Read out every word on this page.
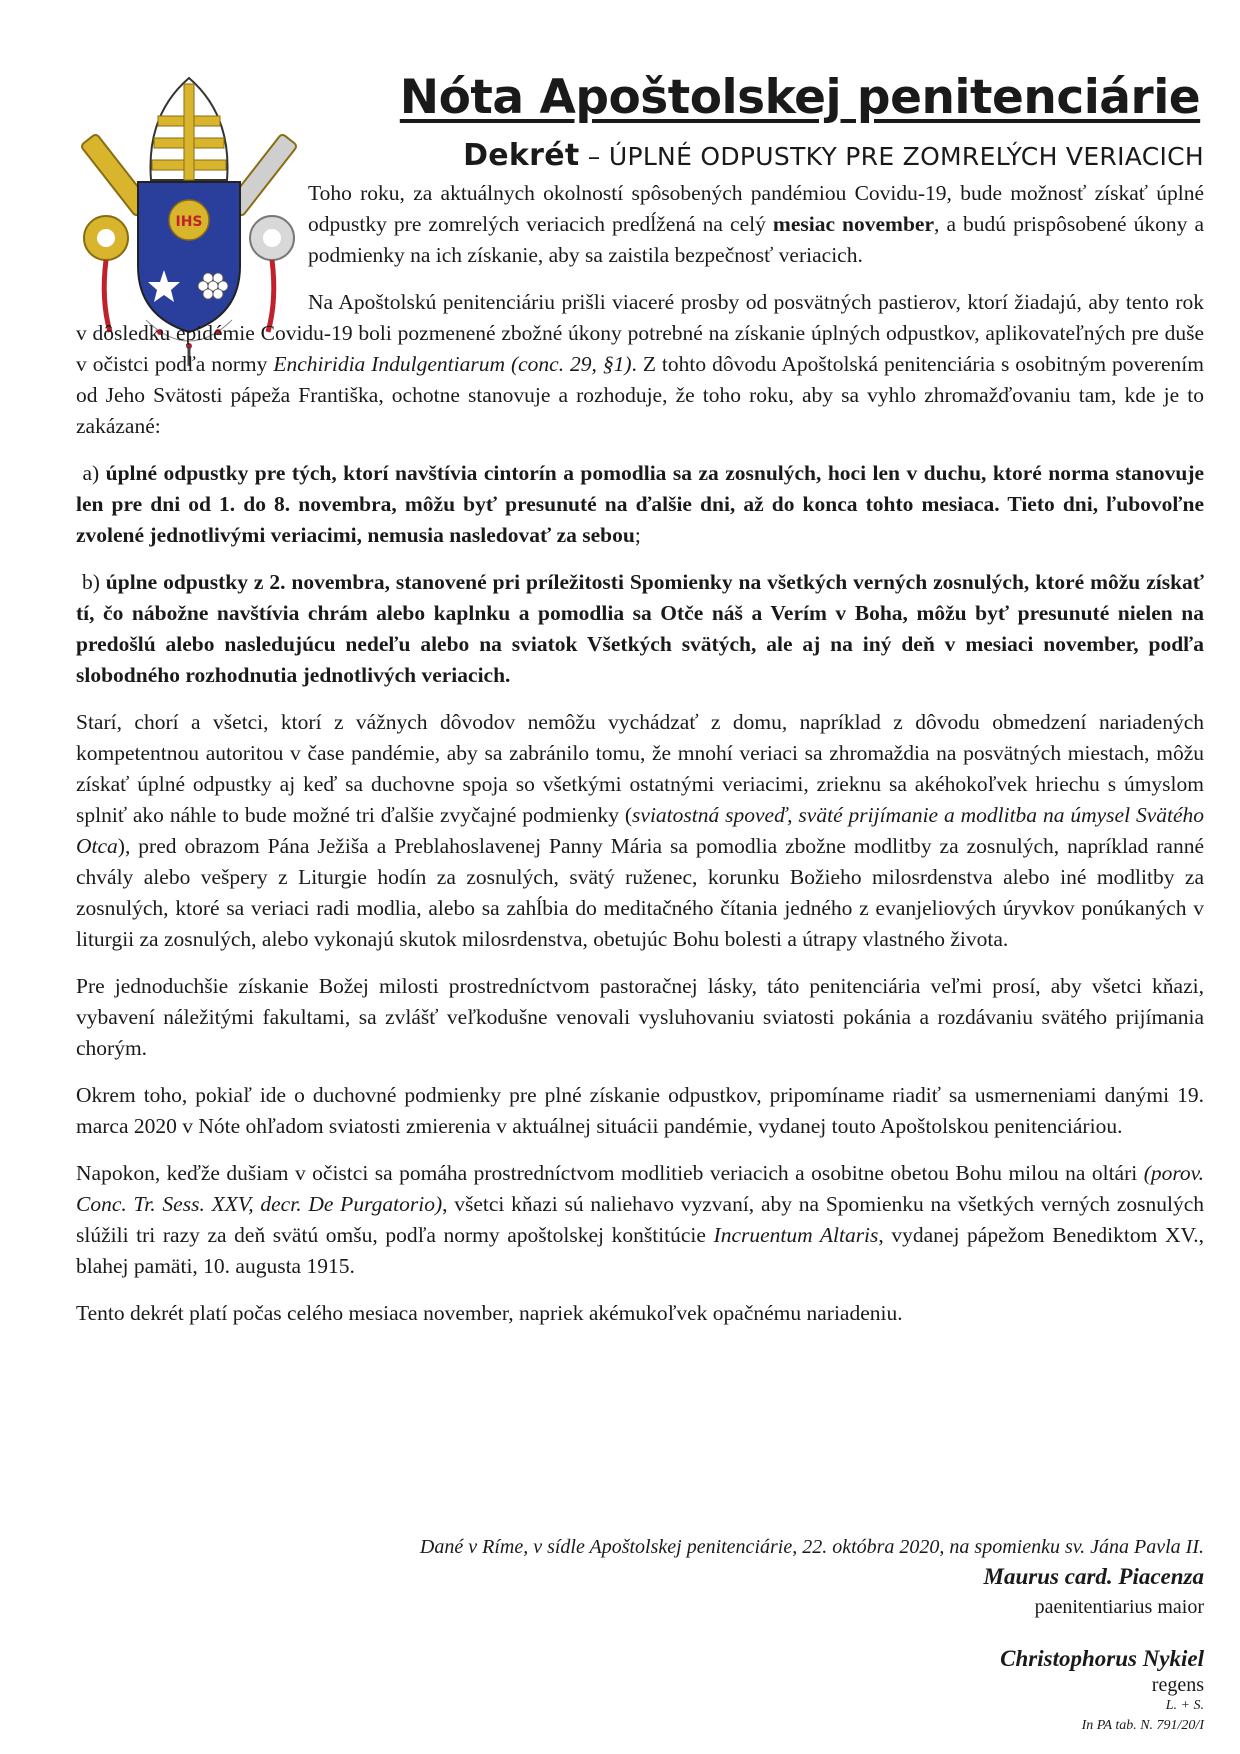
IHS
Nóta Apoštolskej penitenciárie
Dekrét – ÚPLNÉ ODPUSTKY PRE ZOMRELÝCH VERIACICH

Toho roku, za aktuálnych okolností spôsobených pandémiou Covidu-19, bude možnosť získať úplné odpustky pre zomrelých veriacich predĺžená na celý mesiac november, a budú prispôsobené úkony a podmienky na ich získanie, aby sa zaistila bezpečnosť veriacich.

Na Apoštolskú penitenciáriu prišli viaceré prosby od posvätných pastierov, ktorí žiadajú, aby tento rok v dôsledku epidémie Covidu-19 boli pozmenené zbožné úkony potrebné na získanie úplných odpustkov, aplikovateľných pre duše v očistci podľa normy Enchiridia Indulgentiarum (conc. 29, §1). Z tohto dôvodu Apoštolská penitenciária s osobitným poverením od Jeho Svätosti pápeža Františka, ochotne stanovuje a rozhoduje, že toho roku, aby sa vyhlo zhromažďovaniu tam, kde je to zakázané:

a) úplné odpustky pre tých, ktorí navštívia cintorín a pomodlia sa za zosnulých, hoci len v duchu, ktoré norma stanovuje len pre dni od 1. do 8. novembra, môžu byť presunuté na ďalšie dni, až do konca tohto mesiaca. Tieto dni, ľubovoľne zvolené jednotlivými veriacimi, nemusia nasledovať za sebou;

b) úplne odpustky z 2. novembra, stanovené pri príležitosti Spomienky na všetkých verných zosnulých, ktoré môžu získať tí, čo nábožne navštívia chrám alebo kaplnku a pomodlia sa Otče náš a Verím v Boha, môžu byť presunuté nielen na predošlú alebo nasledujúcu nedeľu alebo na sviatok Všetkých svätých, ale aj na iný deň v mesiaci november, podľa slobodného rozhodnutia jednotlivých veriacich.

Starí, chorí a všetci, ktorí z vážnych dôvodov nemôžu vychádzať z domu, napríklad z dôvodu obmedzení nariadených kompetentnou autoritou v čase pandémie, aby sa zabránilo tomu, že mnohí veriaci sa zhromaždia na posvätných miestach, môžu získať úplné odpustky aj keď sa duchovne spoja so všetkými ostatnými veriacimi, zrieknu sa akéhokoľvek hriechu s úmyslom splniť ako náhle to bude možné tri ďalšie zvyčajné podmienky (sviatostná spoveď, sväté prijímanie a modlitba na úmysel Svätého Otca), pred obrazom Pána Ježiša a Preblahoslavenej Panny Mária sa pomodlia zbožne modlitby za zosnulých, napríklad ranné chvály alebo vešpery z Liturgie hodín za zosnulých, svätý ruženec, korunku Božieho milosrdenstva alebo iné modlitby za zosnulých, ktoré sa veriaci radi modlia, alebo sa zahĺbia do meditačného čítania jedného z evanjeliových úryvkov ponúkaných v liturgii za zosnulých, alebo vykonajú skutok milosrdenstva, obetujúc Bohu bolesti a útrapy vlastného života.

Pre jednoduchšie získanie Božej milosti prostredníctvom pastoračnej lásky, táto penitenciária veľmi prosí, aby všetci kňazi, vybavení náležitými fakultami, sa zvlášť veľkodušne venovali vysluhovaniu sviatosti pokánia a rozdávaniu svätého prijímania chorým.

Okrem toho, pokiaľ ide o duchovné podmienky pre plné získanie odpustkov, pripomíname riadiť sa usmerneniami danými 19. marca 2020 v Nóte ohľadom sviatosti zmierenia v aktuálnej situácii pandémie, vydanej touto Apoštolskou penitenciáriou.

Napokon, keďže dušiam v očistci sa pomáha prostredníctvom modlitieb veriacich a osobitne obetou Bohu milou na oltári (porov. Conc. Tr. Sess. XXV, decr. De Purgatorio), všetci kňazi sú naliehavo vyzvaní, aby na Spomienku na všetkých verných zosnulých slúžili tri razy za deň svätú omšu, podľa normy apoštolskej konštitúcie Incruentum Altaris, vydanej pápežom Benediktom XV., blahej pamäti, 10. augusta 1915.

Tento dekrét platí počas celého mesiaca november, napriek akémukoľvek opačnému nariadeniu.

Dané v Ríme, v sídle Apoštolskej penitenciárie, 22. októbra 2020, na spomienku sv. Jána Pavla II.
Maurus card. Piacenza
paenitentiarius maior
Christophorus Nykiel
regens
L. + S.
In PA tab. N. 791/20/I
